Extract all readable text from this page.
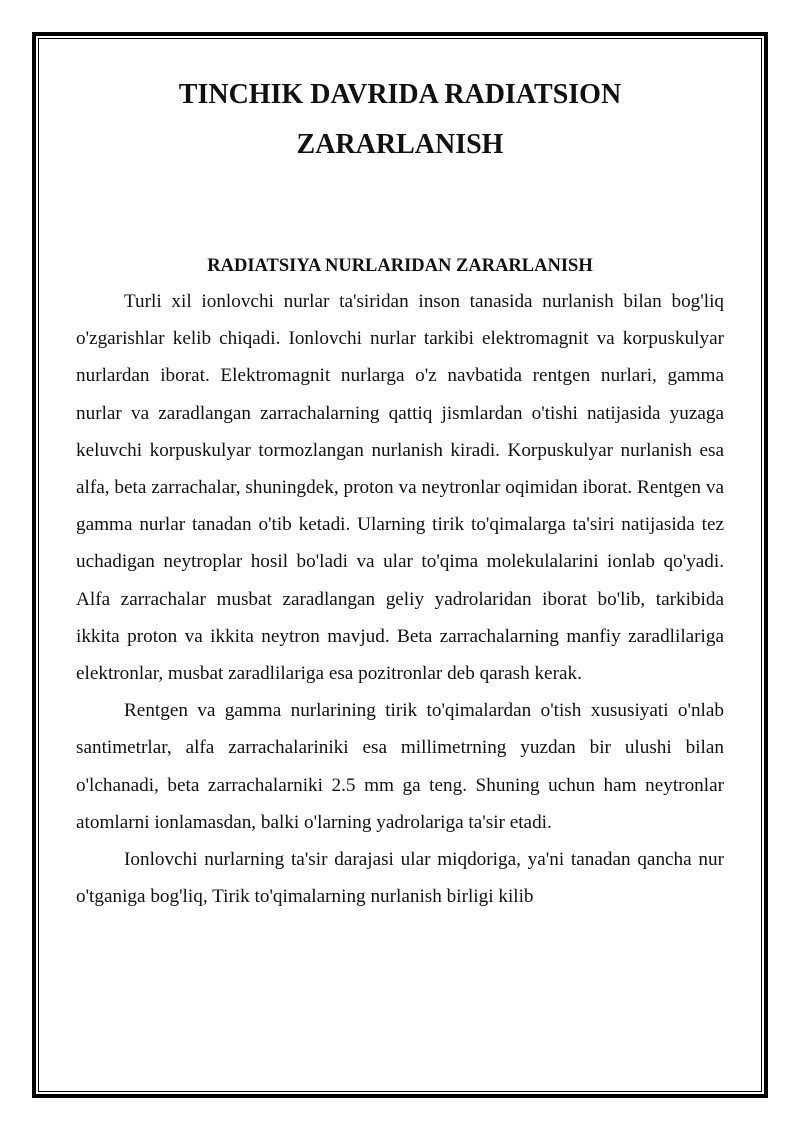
TINCHIK DAVRIDA RADIATSION
ZARARLANISH
RADIATSIYA NURLARIDAN ZARARLANISH

Turli xil ionlovchi nurlar ta'siridan inson tanasida nurlanish bilan bog'liq o'zgarishlar kelib chiqadi. Ionlovchi nurlar tarkibi elektromagnit va korpuskulyar nurlardan iborat. Elektromagnit nurlarga o'z navbatida rentgen nurlari, gamma nurlar va zaradlangan zarrachalarning qattiq jismlardan o'tishi natijasida yuzaga keluvchi korpuskulyar tormozlangan nurlanish kiradi. Korpuskulyar nurlanish esa alfa, beta zarrachalar, shuningdek, proton va neytronlar oqimidan iborat. Rentgen va gamma nurlar tanadan o'tib ketadi. Ularning tirik to'qimalarga ta'siri natijasida tez uchadigan neytroplar hosil bo'ladi va ular to'qima molekulalarini ionlab qo'yadi. Alfa zarrachalar musbat zaradlangan geliy yadrolaridan iborat bo'lib, tarkibida ikkita proton va ikkita neytron mavjud. Beta zarrachalarning manfiy zaradlilariga elektronlar, musbat zaradlilariga esa pozitronlar deb qarash kerak.

Rentgen va gamma nurlarining tirik to'qimalardan o'tish xususiyati o'nlab santimetrlar, alfa zarrachalariniki esa millimetrning yuzdan bir ulushi bilan o'lchanadi, beta zarrachalarniki 2.5 mm ga teng. Shuning uchun ham neytronlar atomlarni ionlamasdan, balki o'larning yadrolariga ta'sir etadi.

Ionlovchi nurlarning ta'sir darajasi ular miqdoriga, ya'ni tanadan qancha nur o'tganiga bog'liq, Tirik to'qimalarning nurlanish birligi kilib
